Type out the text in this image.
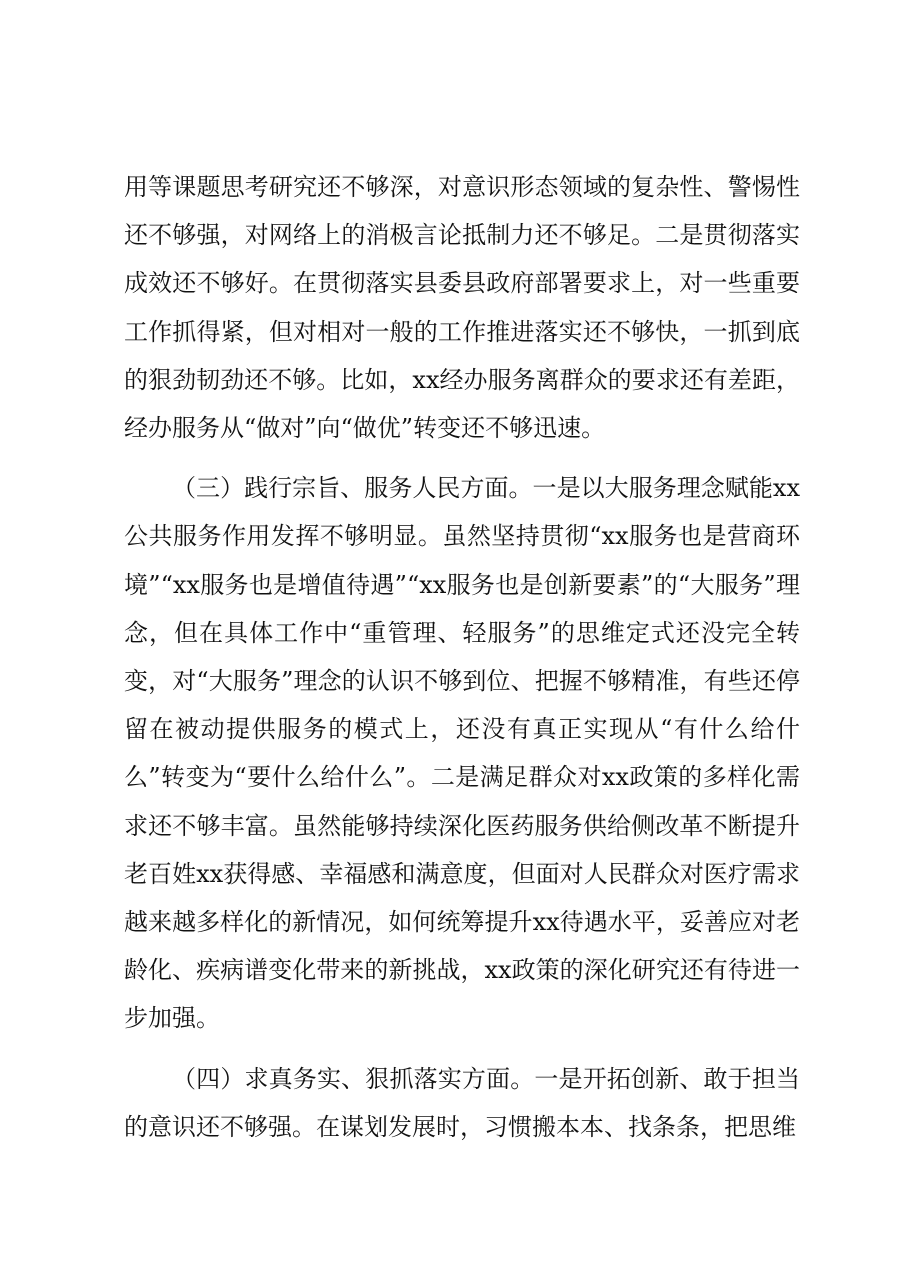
用等课题思考研究还不够深，对意识形态领域的复杂性、警惕性还不够强，对网络上的消极言论抵制力还不够足。二是贯彻落实成效还不够好。在贯彻落实县委县政府部署要求上，对一些重要工作抓得紧，但对相对一般的工作推进落实还不够快，一抓到底的狠劲韧劲还不够。比如，xx经办服务离群众的要求还有差距，经办服务从“做对”向“做优”转变还不够迅速。

（三）践行宗旨、服务人民方面。一是以大服务理念赋能xx公共服务作用发挥不够明显。虽然坚持贯彻“xx服务也是营商环境”“xx服务也是增值待遇”“xx服务也是创新要素”的“大服务”理念，但在具体工作中“重管理、轻服务”的思维定式还没完全转变，对“大服务”理念的认识不够到位、把握不够精准，有些还停留在被动提供服务的模式上，还没有真正实现从“有什么给什么”转变为“要什么给什么”。二是满足群众对xx政策的多样化需求还不够丰富。虽然能够持续深化医药服务供给侧改革不断提升老百姓xx获得感、幸福感和满意度，但面对人民群众对医疗需求越来越多样化的新情况，如何统筹提升xx待遇水平，妥善应对老龄化、疾病谱变化带来的新挑战，xx政策的深化研究还有待进一步加强。

（四）求真务实、狠抓落实方面。一是开拓创新、敢于担当的意识还不够强。在谋划发展时，习惯搬本本、找条条，把思维
